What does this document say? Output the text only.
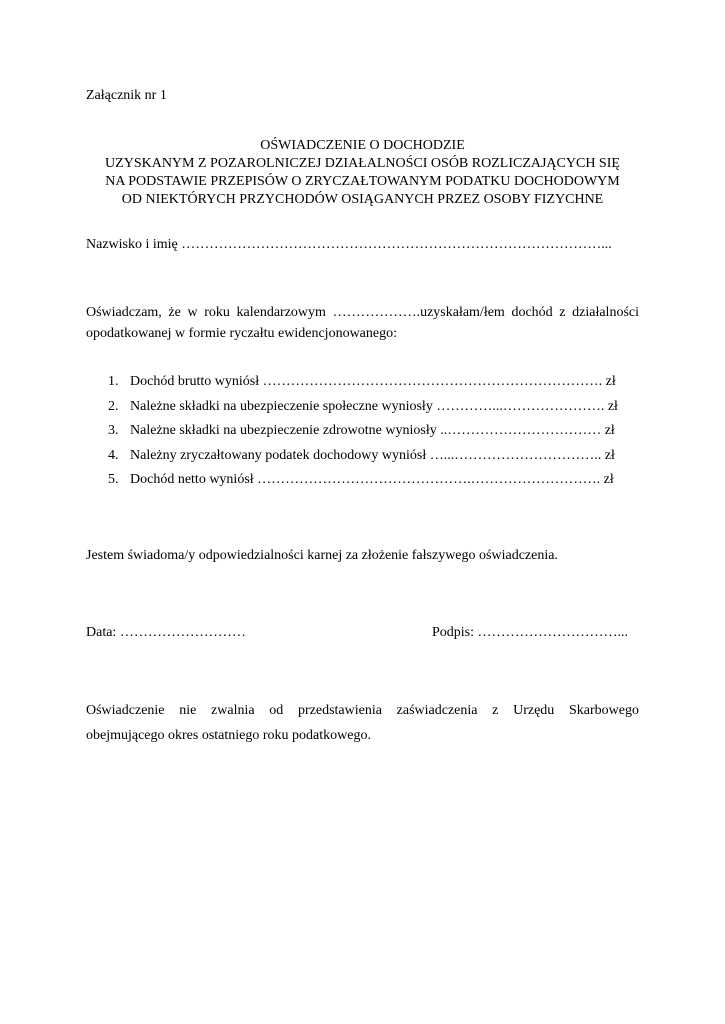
Załącznik nr 1
OŚWIADCZENIE O DOCHODZIE
UZYSKANYM Z POZAROLNICZEJ DZIAŁALNOŚCI OSÓB ROZLICZAJĄCYCH SIĘ
NA PODSTAWIE PRZEPISÓW O ZRYCZAŁTOWANYM PODATKU DOCHODOWYM
OD NIEKTÓRYCH PRZYCHODÓW OSIĄGANYCH PRZEZ OSOBY FIZYCHNE
Nazwisko i imię ………………………………………………………………………………...
Oświadczam, że w roku kalendarzowym ……………….uzyskałam/łem dochód z działalności
opodatkowanej w formie ryczałtu ewidencjonowanego:
1. Dochód brutto wyniósł ………………………………………………………………. zł
2. Należne składki na ubezpieczenie społeczne wyniosły …………...…………………. zł
3. Należne składki na ubezpieczenie zdrowotne wyniosły ..…………………………… zł
4. Należny zryczałtowany podatek dochodowy wyniósł …...………………………….. zł
5. Dochód netto wyniósł ……………………………………….………………………. zł
Jestem świadoma/y odpowiedzialności karnej za złożenie fałszywego oświadczenia.
Data: ………………………	Podpis: …………………………...
Oświadczenie nie zwalnia od przedstawienia zaświadczenia z Urzędu Skarbowego
obejmującego okres ostatniego roku podatkowego.
